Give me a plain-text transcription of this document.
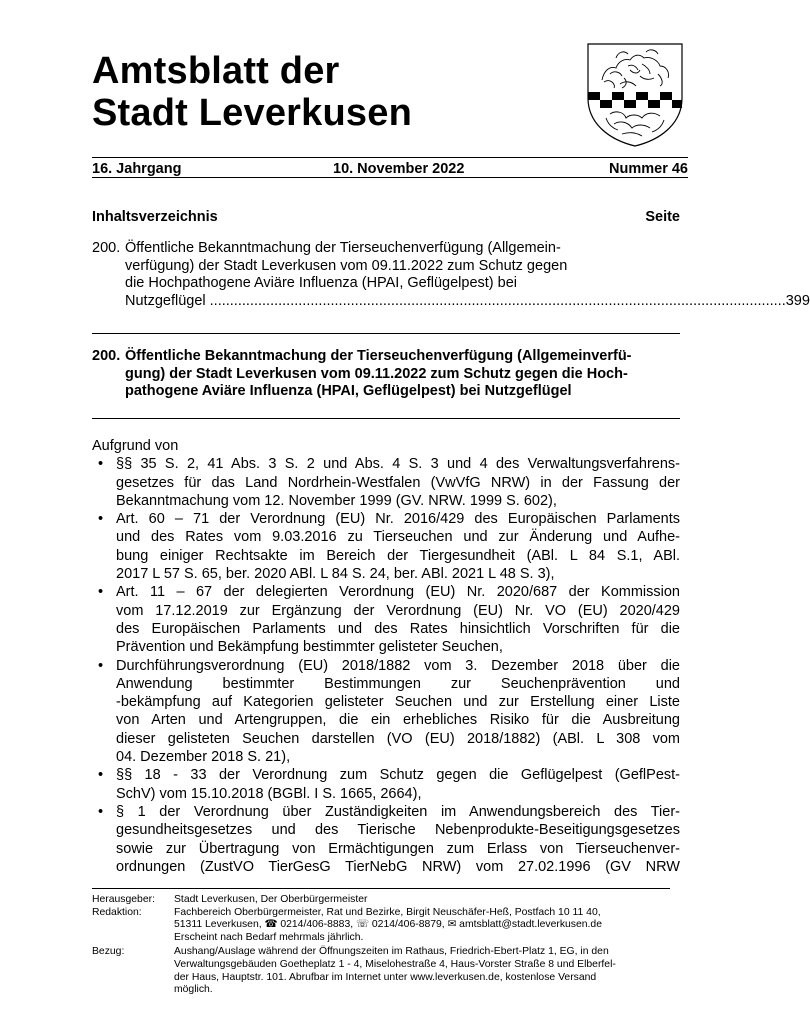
Amtsblatt der
Stadt Leverkusen
16. Jahrgang	10. November 2022	Nummer 46
Inhaltsverzeichnis	Seite
200. Öffentliche Bekanntmachung der Tierseuchenverfügung (Allgemein-
verfügung) der Stadt Leverkusen vom 09.11.2022 zum Schutz gegen
die Hochpathogene Aviäre Influenza (HPAI, Geflügelpest) bei
Nutzgeflügel ............................................................................................................................................... 399
200. Öffentliche Bekanntmachung der Tierseuchenverfügung (Allgemeinverfü-
gung) der Stadt Leverkusen vom 09.11.2022 zum Schutz gegen die Hoch-
pathogene Aviäre Influenza (HPAI, Geflügelpest) bei Nutzgeflügel
Aufgrund von
• §§ 35 S. 2, 41 Abs. 3 S. 2 und Abs. 4 S. 3 und 4 des Verwaltungsverfahrens-
gesetzes für das Land Nordrhein-Westfalen (VwVfG NRW) in der Fassung der
Bekanntmachung vom 12. November 1999 (GV. NRW. 1999 S. 602),
• Art. 60 – 71 der Verordnung (EU) Nr. 2016/429 des Europäischen Parlaments
und des Rates vom 9.03.2016 zu Tierseuchen und zur Änderung und Aufhe-
bung einiger Rechtsakte im Bereich der Tiergesundheit (ABl. L 84 S.1, ABl.
2017 L 57 S. 65, ber. 2020 ABl. L 84 S. 24, ber. ABl. 2021 L 48 S. 3),
• Art. 11 – 67 der delegierten Verordnung (EU) Nr. 2020/687 der Kommission
vom 17.12.2019 zur Ergänzung der Verordnung (EU) Nr. VO (EU) 2020/429
des Europäischen Parlaments und des Rates hinsichtlich Vorschriften für die
Prävention und Bekämpfung bestimmter gelisteter Seuchen,
• Durchführungsverordnung (EU) 2018/1882 vom 3. Dezember 2018 über die
Anwendung bestimmter Bestimmungen zur Seuchenprävention und
-bekämpfung auf Kategorien gelisteter Seuchen und zur Erstellung einer Liste
von Arten und Artengruppen, die ein erhebliches Risiko für die Ausbreitung
dieser gelisteten Seuchen darstellen (VO (EU) 2018/1882) (ABl. L 308 vom
04. Dezember 2018 S. 21),
• §§ 18 - 33 der Verordnung zum Schutz gegen die Geflügelpest (GeflPest-
SchV) vom 15.10.2018 (BGBl. I S. 1665, 2664),
• § 1 der Verordnung über Zuständigkeiten im Anwendungsbereich des Tier-
gesundheitsgesetzes und des Tierische Nebenprodukte-Beseitigungsgesetzes
sowie zur Übertragung von Ermächtigungen zum Erlass von Tierseuchenver-
ordnungen (ZustVO TierGesG TierNebG NRW) vom 27.02.1996 (GV NRW
Herausgeber:	Stadt Leverkusen, Der Oberbürgermeister
Redaktion:	Fachbereich Oberbürgermeister, Rat und Bezirke, Birgit Neuschäfer-Heß, Postfach 10 11 40,
51311 Leverkusen, ☎ 0214/406-8883, ☏ 0214/406-8879, ✉ amtsblatt@stadt.leverkusen.de
Erscheint nach Bedarf mehrmals jährlich.
Bezug:	Aushang/Auslage während der Öffnungszeiten im Rathaus, Friedrich-Ebert-Platz 1, EG, in den
Verwaltungsgebäuden Goetheplatz 1 - 4, Miselohestraße 4, Haus-Vorster Straße 8 und Elberfel-
der Haus, Hauptstr. 101. Abrufbar im Internet unter www.leverkusen.de, kostenlose Versand
möglich.
